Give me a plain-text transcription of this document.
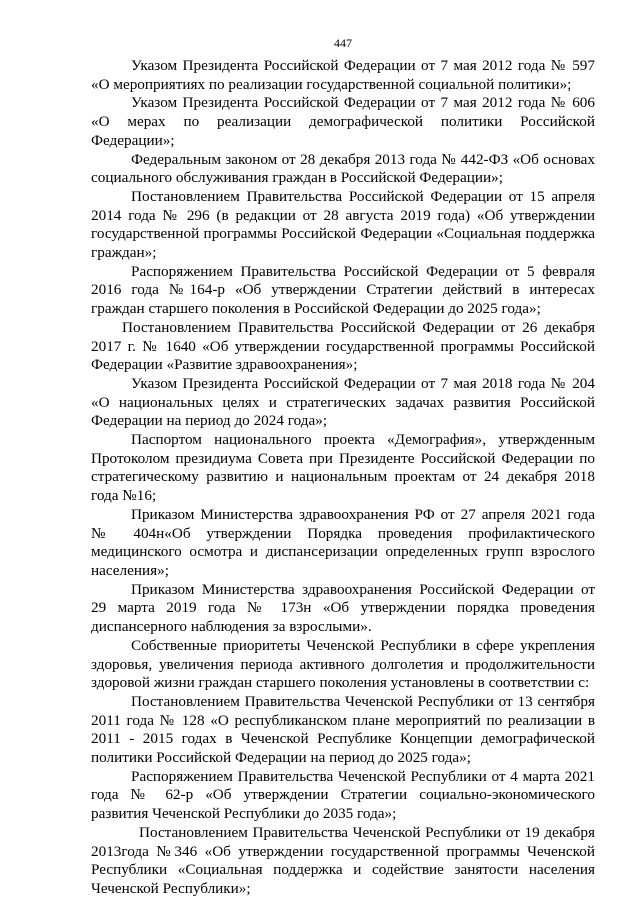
447

Указом Президента Российской Федерации от 7 мая 2012 года № 597 «О мероприятиях по реализации государственной социальной политики»;

Указом Президента Российской Федерации от 7 мая 2012 года № 606 «О мерах по реализации демографической политики Российской Федерации»;

Федеральным законом от 28 декабря 2013 года № 442-ФЗ «Об основах социального обслуживания граждан в Российской Федерации»;

Постановлением Правительства Российской Федерации от 15 апреля 2014 года № 296 (в редакции от 28 августа 2019 года) «Об утверждении государственной программы Российской Федерации «Социальная поддержка граждан»;

Распоряжением Правительства Российской Федерации от 5 февраля 2016 года №164-р «Об утверждении Стратегии действий в интересах граждан старшего поколения в Российской Федерации до 2025 года»;

Постановлением Правительства Российской Федерации от 26 декабря 2017 г. № 1640 «Об утверждении государственной программы Российской Федерации «Развитие здравоохранения»;

Указом Президента Российской Федерации от 7 мая 2018 года № 204 «О национальных целях и стратегических задачах развития Российской Федерации на период до 2024 года»;

Паспортом национального проекта «Демография», утвержденным Протоколом президиума Совета при Президенте Российской Федерации по стратегическому развитию и национальным проектам от 24 декабря 2018 года №16;

Приказом Министерства здравоохранения РФ от 27 апреля 2021 года № 404н«Об утверждении Порядка проведения профилактического медицинского осмотра и диспансеризации определенных групп взрослого населения»;

Приказом Министерства здравоохранения Российской Федерации от 29 марта 2019 года № 173н «Об утверждении порядка проведения диспансерного наблюдения за взрослыми».

Собственные приоритеты Чеченской Республики в сфере укрепления здоровья, увеличения периода активного долголетия и продолжительности здоровой жизни граждан старшего поколения установлены в соответствии с:

Постановлением Правительства Чеченской Республики от 13 сентября 2011 года № 128 «О республиканском плане мероприятий по реализации в 2011 - 2015 годах в Чеченской Республике Концепции демографической политики Российской Федерации на период до 2025 года»;

Распоряжением Правительства Чеченской Республики от 4 марта 2021 года № 62-р «Об утверждении Стратегии социально-экономического развития Чеченской Республики до 2035 года»;

Постановлением Правительства Чеченской Республики от 19 декабря 2013года №346 «Об утверждении государственной программы Чеченской Республики «Социальная поддержка и содействие занятости населения Чеченской Республики»;
